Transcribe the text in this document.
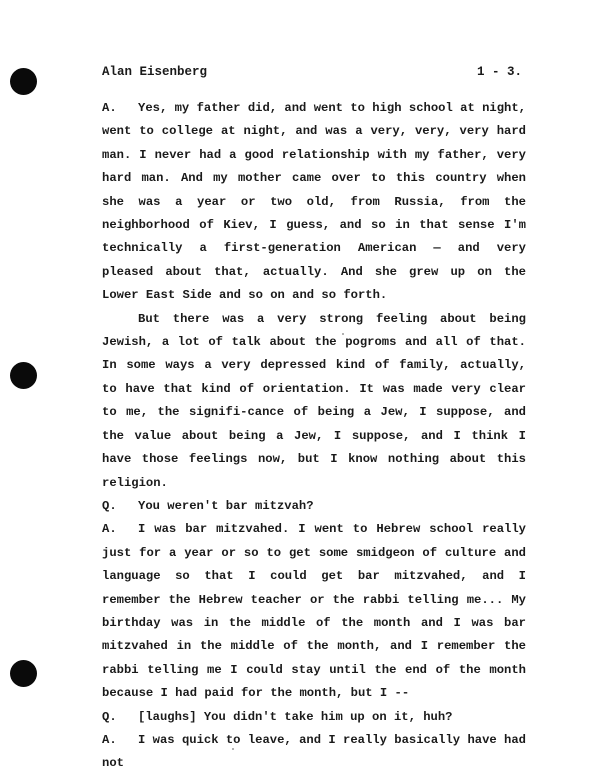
Alan Eisenberg	1 - 3.

A. Yes, my father did, and went to high school at night, went to college at night, and was a very, very, very hard man. I never had a good relationship with my father, very hard man. And my mother came over to this country when she was a year or two old, from Russia, from the neighborhood of Kiev, I guess, and so in that sense I'm technically a first-generation American — and very pleased about that, actually. And she grew up on the Lower East Side and so on and so forth.

But there was a very strong feeling about being Jewish, a lot of talk about the pogroms and all of that. In some ways a very depressed kind of family, actually, to have that kind of orientation. It was made very clear to me, the signifi-cance of being a Jew, I suppose, and the value about being a Jew, I suppose, and I think I have those feelings now, but I know nothing about this religion.

Q. You weren't bar mitzvah?

A. I was bar mitzvahed. I went to Hebrew school really just for a year or so to get some smidgeon of culture and language so that I could get bar mitzvahed, and I remember the Hebrew teacher or the rabbi telling me... My birthday was in the middle of the month and I was bar mitzvahed in the middle of the month, and I remember the rabbi telling me I could stay until the end of the month because I had paid for the month, but I --

Q. [laughs] You didn't take him up on it, huh?

A. I was quick to leave, and I really basically have had not
